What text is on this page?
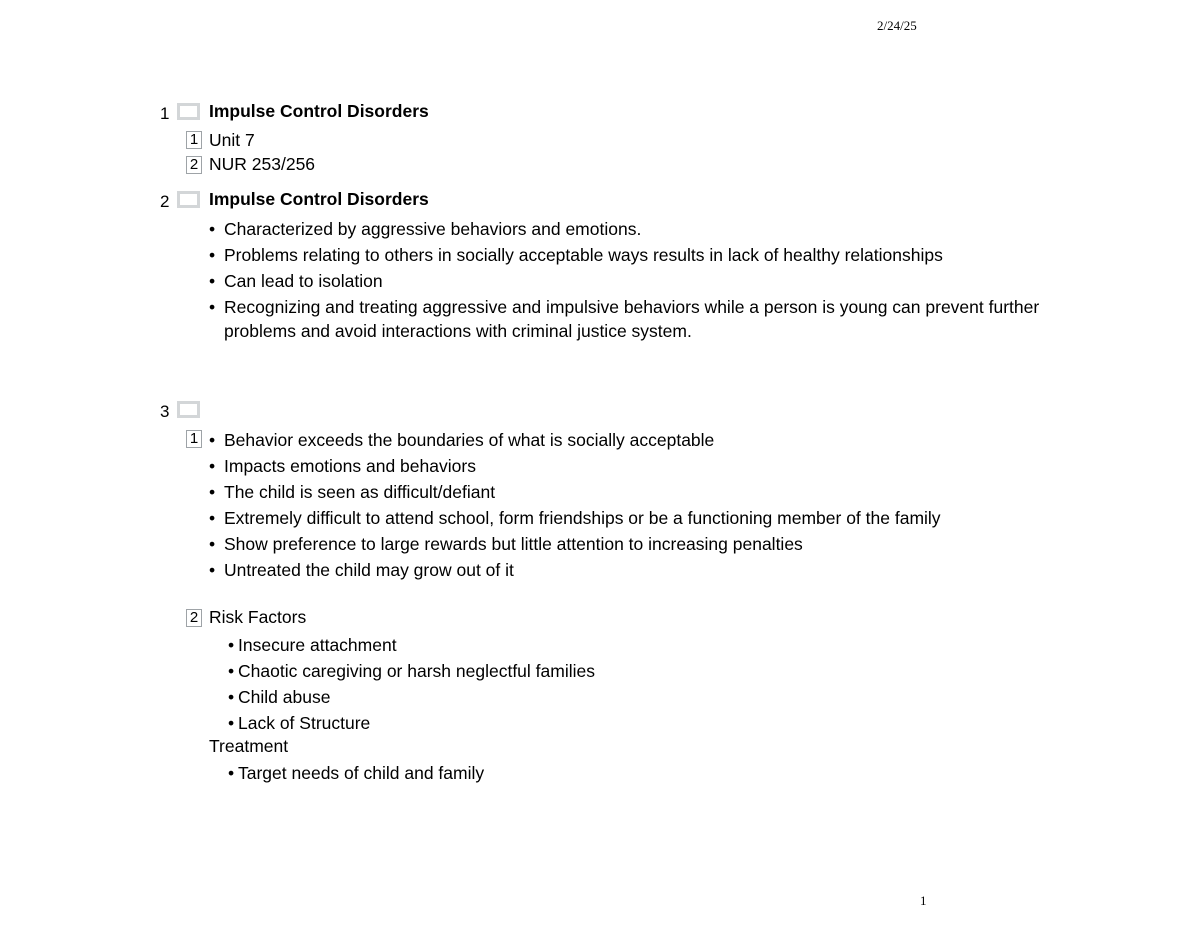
2/24/25
1 Impulse Control Disorders
1 Unit 7
2 NUR 253/256
2 Impulse Control Disorders
• Characterized by aggressive behaviors and emotions.
• Problems relating to others in socially acceptable ways results in lack of healthy relationships
• Can lead to isolation
• Recognizing and treating aggressive and impulsive behaviors while a person is young can prevent further problems and avoid interactions with criminal justice system.
3
1 • Behavior exceeds the boundaries of what is socially acceptable
• Impacts emotions and behaviors
• The child is seen as difficult/defiant
• Extremely difficult to attend school, form friendships or be a functioning member of the family
• Show preference to large rewards but little attention to increasing penalties
• Untreated the child may grow out of it
2 Risk Factors
• Insecure attachment
• Chaotic caregiving or harsh neglectful families
• Child abuse
• Lack of Structure
Treatment
• Target needs of child and family
1
